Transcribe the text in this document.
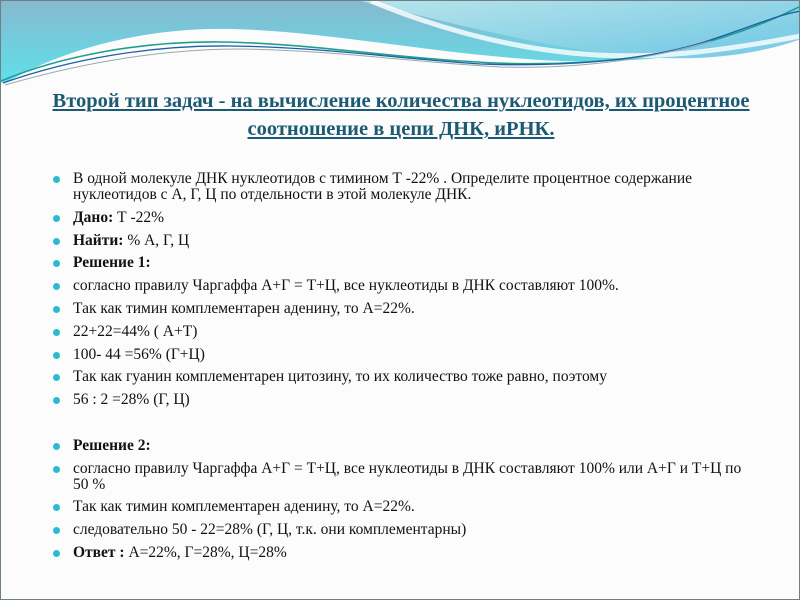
Второй тип задач - на вычисление количества нуклеотидов, их процентное соотношение в цепи ДНК, иРНК.
В одной молекуле ДНК нуклеотидов с тимином Т -22% . Определите процентное содержание нуклеотидов с А, Г, Ц по отдельности в этой молекуле ДНК.
Дано: Т -22%
Найти: % А, Г, Ц
Решение 1:
согласно правилу Чаргаффа А+Г = Т+Ц, все нуклеотиды в ДНК составляют 100%.
Так как тимин комплементарен аденину, то А=22%.
22+22=44% ( А+Т)
100- 44 =56% (Г+Ц)
Так как гуанин комплементарен цитозину, то их количество тоже равно, поэтому
56 : 2 =28% (Г, Ц)
Решение 2:
согласно правилу Чаргаффа А+Г = Т+Ц, все нуклеотиды в ДНК составляют 100% или А+Г и Т+Ц по 50 %
Так как тимин комплементарен аденину, то А=22%.
следовательно 50 - 22=28% (Г, Ц, т.к. они комплементарны)
Ответ : А=22%, Г=28%, Ц=28%
